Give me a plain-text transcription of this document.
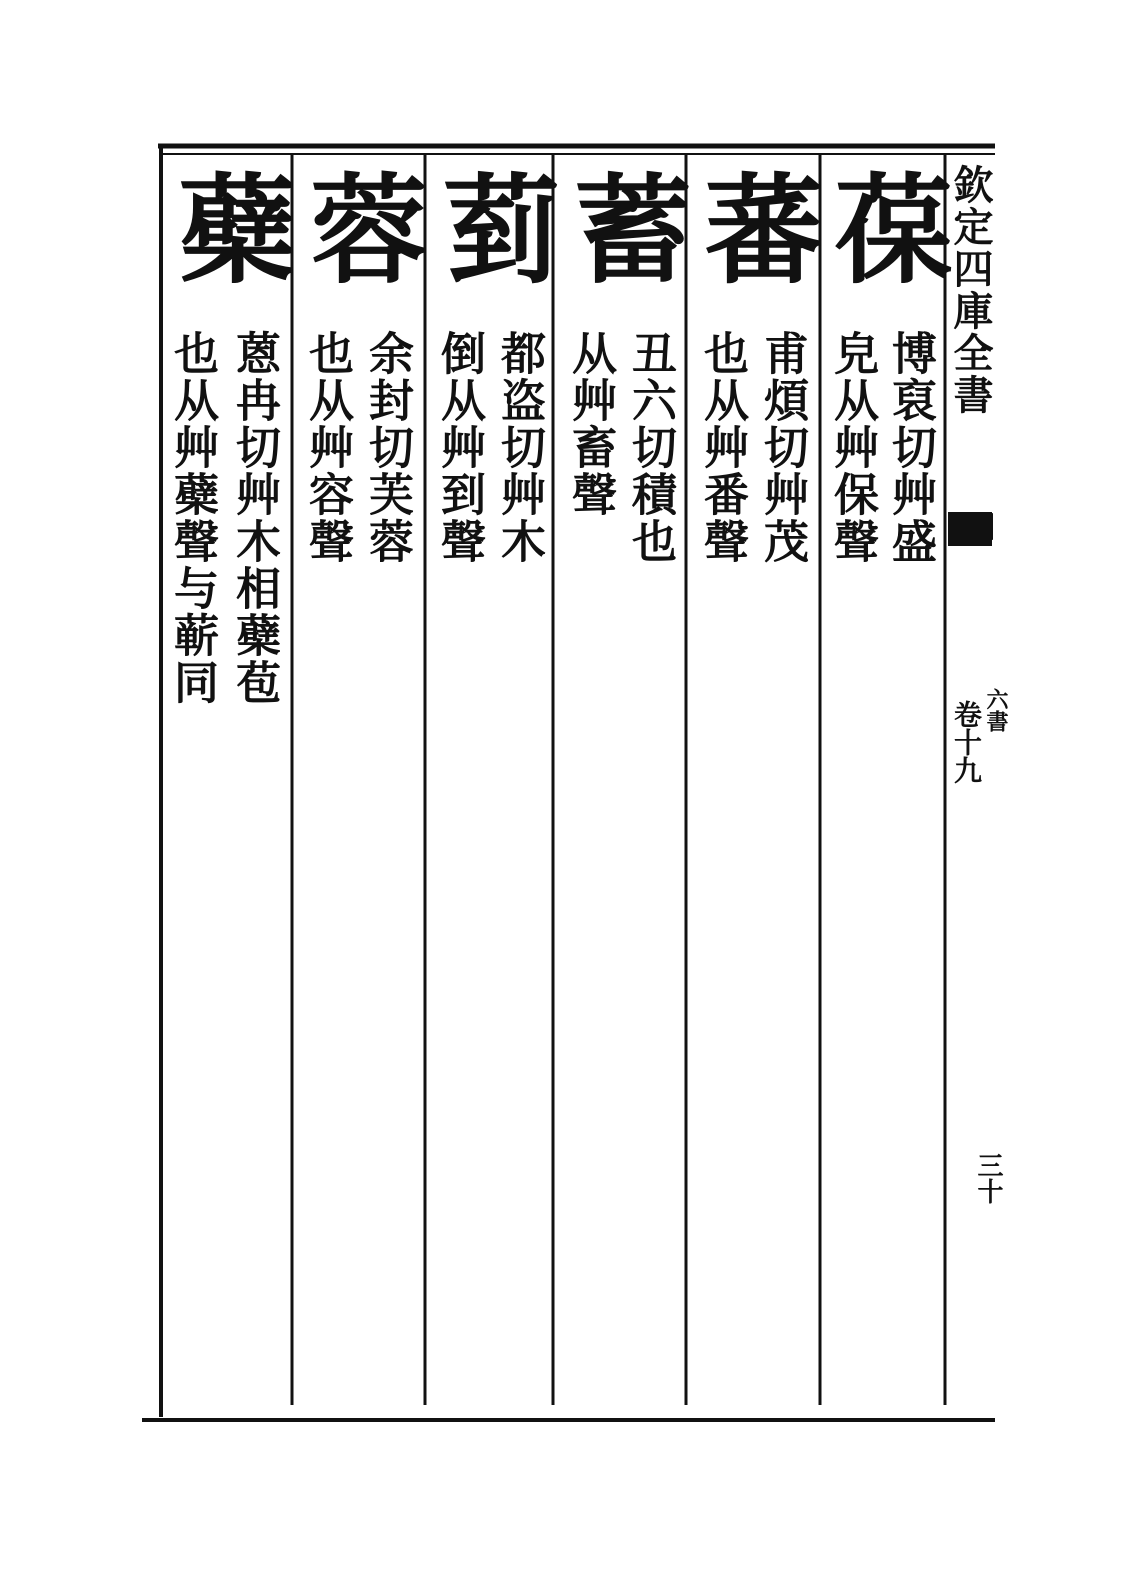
欽定四庫全書
六書
卷十九
三十
葆
博裒切艸盛
皃从艸保聲
蕃
甫煩切艸茂
也从艸番聲
蓄
丑六切積也
从艸畜聲
菿
都盗切艸木
倒从艸到聲
蓉
余封切芙蓉
也从艸容聲
蘗
蒽冉切艸木相蘗苞
也从艸蘗聲与蕲同
